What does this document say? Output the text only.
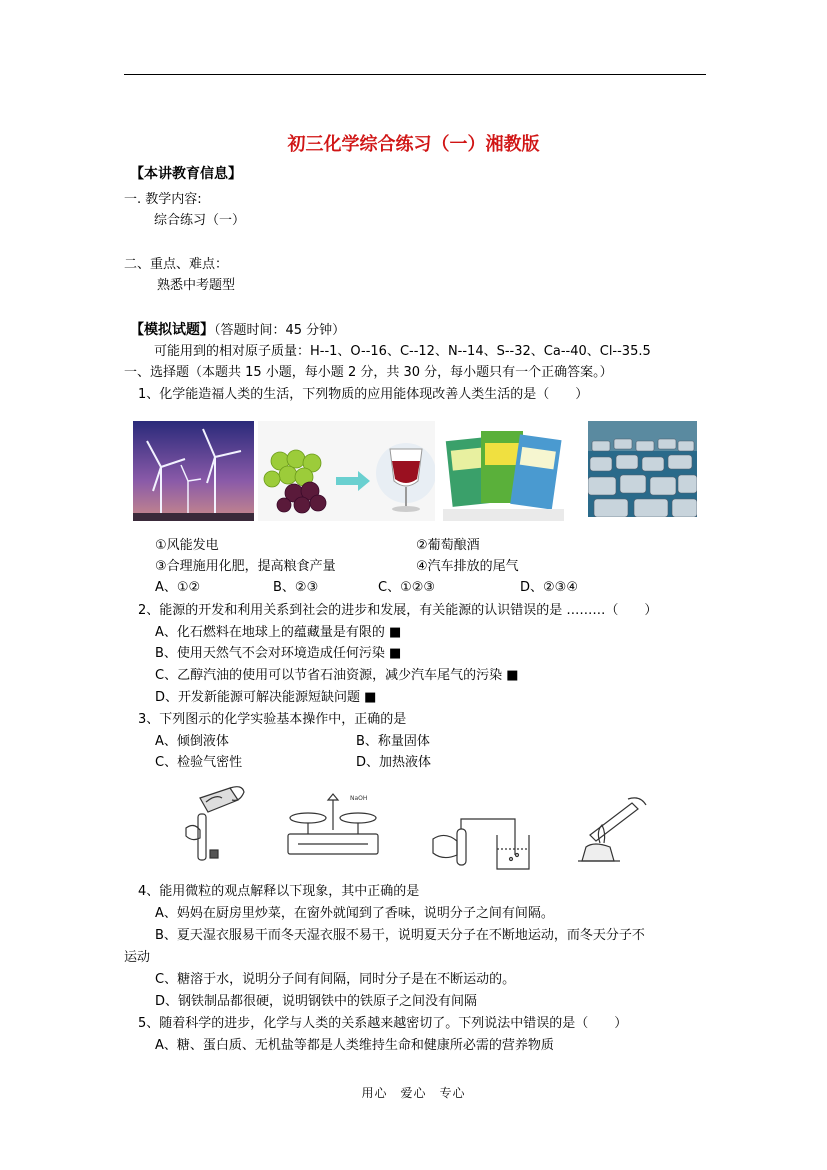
初三化学综合练习（一）湘教版
【本讲教育信息】
一. 教学内容:
综合练习（一）
二、重点、难点：
熟悉中考题型
【模拟试题】（答题时间：45 分钟）
可能用到的相对原子质量：H--1、O--16、C--12、N--14、S--32、Ca--40、Cl--35.5
一、选择题（本题共 15 小题，每小题 2 分，共 30 分，每小题只有一个正确答案。）
1、化学能造福人类的生活，下列物质的应用能体现改善人类生活的是（　　）
①风能发电	②葡萄酿酒
③合理施用化肥，提高粮食产量	④汽车排放的尾气
A、①②	B、②③	C、①②③	D、②③④
2、能源的开发和利用关系到社会的进步和发展，有关能源的认识错误的是 ………（　　）
A、化石燃料在地球上的蕴藏量是有限的 ■
B、使用天然气不会对环境造成任何污染 ■
C、乙醇汽油的使用可以节省石油资源，减少汽车尾气的污染 ■
D、开发新能源可解决能源短缺问题 ■
3、下列图示的化学实验基本操作中，正确的是
A、倾倒液体	B、称量固体
C、检验气密性	D、加热液体
NaOH
4、能用微粒的观点解释以下现象，其中正确的是
A、妈妈在厨房里炒菜，在窗外就闻到了香味，说明分子之间有间隔。
B、夏天湿衣服易干而冬天湿衣服不易干，说明夏天分子在不断地运动，而冬天分子不
运动
C、糖溶于水，说明分子间有间隔，同时分子是在不断运动的。
D、钢铁制品都很硬，说明钢铁中的铁原子之间没有间隔
5、随着科学的进步，化学与人类的关系越来越密切了。下列说法中错误的是（　　）
A、糖、蛋白质、无机盐等都是人类维持生命和健康所必需的营养物质
用心　爱心　专心
